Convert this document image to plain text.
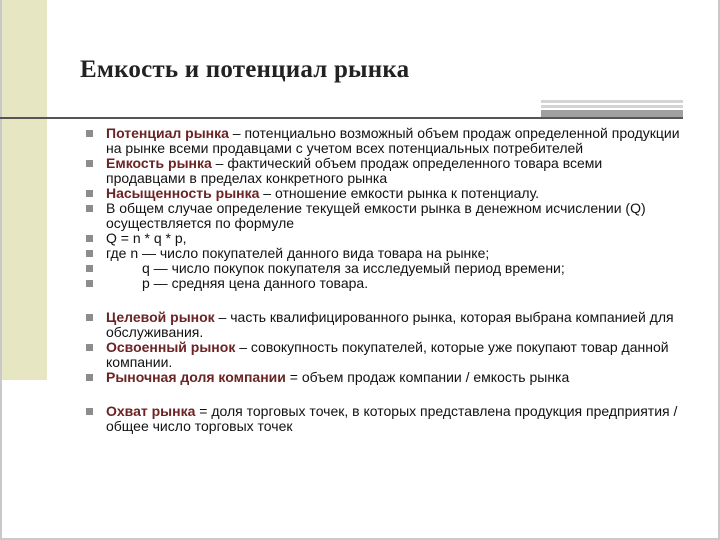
Емкость и потенциал рынка
Потенциал рынка – потенциально возможный объем продаж определенной продукции на рынке всеми продавцами с учетом всех потенциальных потребителей
Емкость рынка – фактический объем продаж определенного товара всеми продавцами в пределах конкретного рынка
Насыщенность рынка – отношение емкости рынка к потенциалу.
В общем случае определение текущей емкости рынка в денежном исчислении (Q) осуществляется по формуле
Q = n * q * p,
где n — число покупателей данного вида товара на рынке;
q — число покупок покупателя за исследуемый период времени;
p — средняя цена данного товара.
Целевой рынок – часть квалифицированного рынка, которая выбрана компанией для обслуживания.
Освоенный рынок – совокупность покупателей, которые уже покупают товар данной компании.
Рыночная доля компании = объем продаж компании / емкость рынка
Охват рынка = доля торговых точек, в которых представлена продукция предприятия / общее число торговых точек
